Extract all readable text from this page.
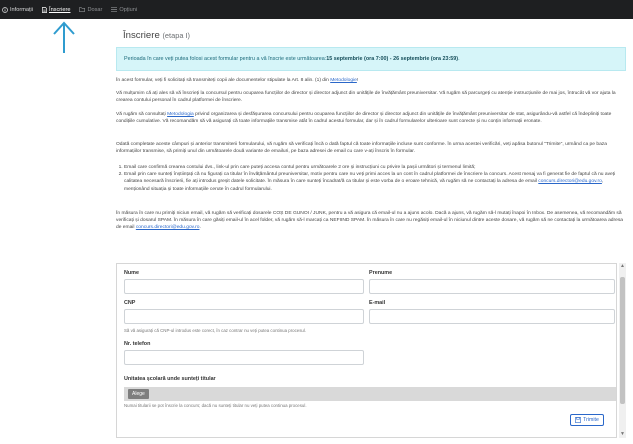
Informații	Înscriere	Dosar	Opțiuni
Înscriere (etapa I)
Perioada în care veți putea folosi acest formular pentru a vă înscrie este următoarea: 15 septembrie (ora 7:00) - 26 septembrie (ora 23:59) .
În acest formular, veți fi solicitați să transmiteți copii ale documentelor stipulate la Art. 8 alin. (1) din Metodologie!
Vă mulțumim că ați ales să vă înscrieți la concursul pentru ocuparea funcțiilor de director și director adjunct din unitățile de învățământ preuniversitar. Vă rugăm să parcurgeți cu atenție instrucțiunile de mai jos, întrucât vă vor ajuta la crearea contului personal în cadrul platformei de înscriere.
Vă rugăm să consultați Metodologia privind organizarea și desfășurarea concursului pentru ocuparea funcțiilor de director și director adjunct din unitățile de învățământ preuniversitar de stat, asigurându-vă astfel că îndepliniți toate condițiile cumulative. Vă recomandăm să vă asigurați că toate informațiile transmise atât în cadrul acestui formular, dar și în cadrul formularelor ulterioare sunt corecte și nu conțin informații eronate.
Odată completate aceste câmpuri și anterior transmiterii formularului, vă rugăm să verificați încă o dată faptul că toate informațiile incluse sunt conforme. În urma acestei verificări, veți apăsa butonul "Trimite", urmând ca pe baza informațiilor transmise, să primiți unul din următoarele două variante de emailuri, pe baza adresei de email cu care v-ați înscris în formular.
1. Email care confirmă crearea contului dvs., link-ul prin care puteți accesa contul pentru următoarele 2 ore și instrucțiuni cu privire la pașii următori și termenul limită;
2. Email prin care sunteți înștiințați că nu figurați ca titular în învățământul preuniversitar, motiv pentru care nu veți primi acces la un cont în cadrul platformei de înscriere la concurs. Acest mesaj va fi generat fie de faptul că nu aveți calitatea necesară înscrierii, fie ați introdus greșit datele solicitate. În măsura în care sunteți încadrat/ă ca titular și este vorba de o eroare tehnică, vă rugăm să ne contactați la adresa de email concurs.directori@edu.gov.ro, menționând situația și toate informațiile cerute în cadrul formularului.
În măsura în care nu primiți niciun email, vă rugăm să verificați dosarele COȘ DE GUNOI / JUNK, pentru a vă asigura că email-ul nu a ajuns acolo. Dacă a ajuns, vă rugăm să-l mutați înapoi în Inbox. De asemenea, vă recomandăm să verificați și dosarul SPAM. În măsura în care găsiți email-ul în acel folder, vă rugăm să-l marcați ca NEFIIND SPAM. În măsura în care nu regăsiți email-ul în niciunul dintre aceste dosare, vă rugăm să ne contactați la următoarea adresa de email concurs.directori@edu.gov.ro.
Nume	Prenume
CNP	E-mail
Să vă asigurați că CNP-ul introdus este corect, în caz contrar nu veți putea continua procesul.
Nr. telefon
Unitatea școlară unde sunteți titular
Alege
Numai titularii se pot înscrie la concurs; dacă nu sunteți titular nu veți putea continua procesul.
Trimite
▲
▼
